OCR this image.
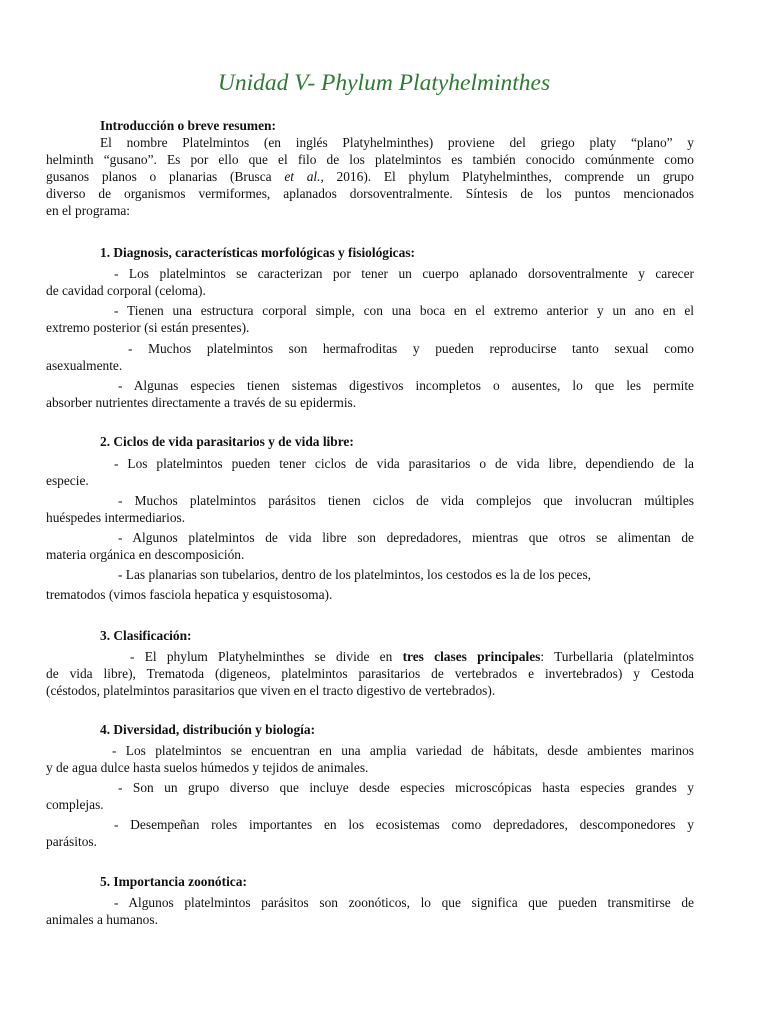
Unidad V- Phylum Platyhelminthes
Introducción o breve resumen:
El nombre Platelmintos (en inglés Platyhelminthes) proviene del griego platy “plano” y
helminth “gusano”. Es por ello que el filo de los platelmintos es también conocido comúnmente como
gusanos planos o planarias (Brusca et al., 2016). El phylum Platyhelminthes, comprende un grupo
diverso de organismos vermiformes, aplanados dorsoventralmente. Síntesis de los puntos mencionados
en el programa:
1. Diagnosis, características morfológicas y fisiológicas:
- Los platelmintos se caracterizan por tener un cuerpo aplanado dorsoventralmente y carecer
de cavidad corporal (celoma).
- Tienen una estructura corporal simple, con una boca en el extremo anterior y un ano en el
extremo posterior (si están presentes).
- Muchos platelmintos son hermafroditas y pueden reproducirse tanto sexual como
asexualmente.
- Algunas especies tienen sistemas digestivos incompletos o ausentes, lo que les permite
absorber nutrientes directamente a través de su epidermis.
2. Ciclos de vida parasitarios y de vida libre:
- Los platelmintos pueden tener ciclos de vida parasitarios o de vida libre, dependiendo de la
especie.
- Muchos platelmintos parásitos tienen ciclos de vida complejos que involucran múltiples
huéspedes intermediarios.
- Algunos platelmintos de vida libre son depredadores, mientras que otros se alimentan de
materia orgánica en descomposición.
- Las planarias son tubelarios, dentro de los platelmintos, los cestodos es la de los peces,
trematodos (vimos fasciola hepatica y esquistosoma).
3. Clasificación:
- El phylum Platyhelminthes se divide en tres clases principales: Turbellaria (platelmintos
de vida libre), Trematoda (digeneos, platelmintos parasitarios de vertebrados e invertebrados) y Cestoda
(céstodos, platelmintos parasitarios que viven en el tracto digestivo de vertebrados).
4. Diversidad, distribución y biología:
- Los platelmintos se encuentran en una amplia variedad de hábitats, desde ambientes marinos
y de agua dulce hasta suelos húmedos y tejidos de animales.
- Son un grupo diverso que incluye desde especies microscópicas hasta especies grandes y
complejas.
- Desempeñan roles importantes en los ecosistemas como depredadores, descomponedores y
parásitos.
5. Importancia zoonótica:
- Algunos platelmintos parásitos son zoonóticos, lo que significa que pueden transmitirse de
animales a humanos.
